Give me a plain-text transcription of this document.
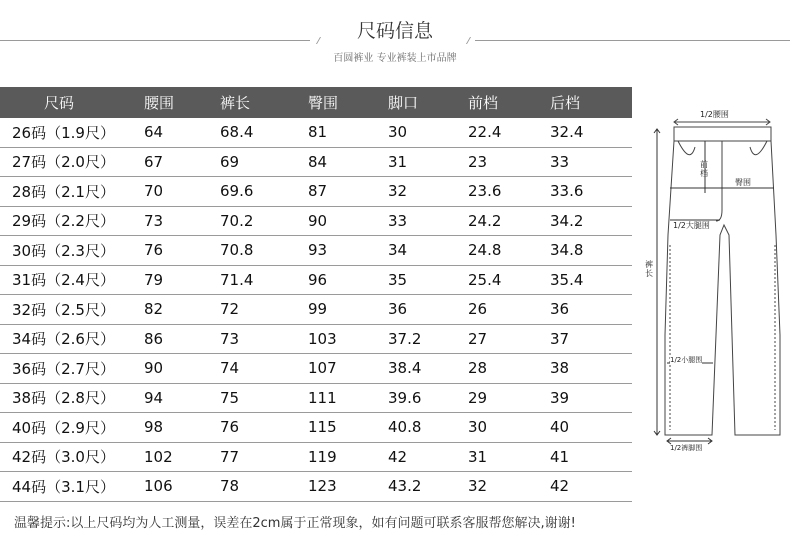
尺码信息
百圆裤业 专业裤装上市品牌
尺码	腰围	裤长	臀围	脚口	前档	后档
26码（1.9尺）	64	68.4	81	30	22.4	32.4
27码（2.0尺）	67	69	84	31	23	33
28码（2.1尺）	70	69.6	87	32	23.6	33.6
29码（2.2尺）	73	70.2	90	33	24.2	34.2
30码（2.3尺）	76	70.8	93	34	24.8	34.8
31码（2.4尺）	79	71.4	96	35	25.4	35.4
32码（2.5尺）	82	72	99	36	26	36
34码（2.6尺）	86	73	103	37.2	27	37
36码（2.7尺）	90	74	107	38.4	28	38
38码（2.8尺）	94	75	111	39.6	29	39
40码（2.9尺）	98	76	115	40.8	30	40
42码（3.0尺）	102	77	119	42	31	41
44码（3.1尺）	106	78	123	43.2	32	42
1/2腰围
前档
臀围
1/2大腿围
裤长
1/2小腿围
1/2裤脚围
温馨提示:以上尺码均为人工测量，误差在2cm属于正常现象，如有问题可联系客服帮您解决,谢谢!
